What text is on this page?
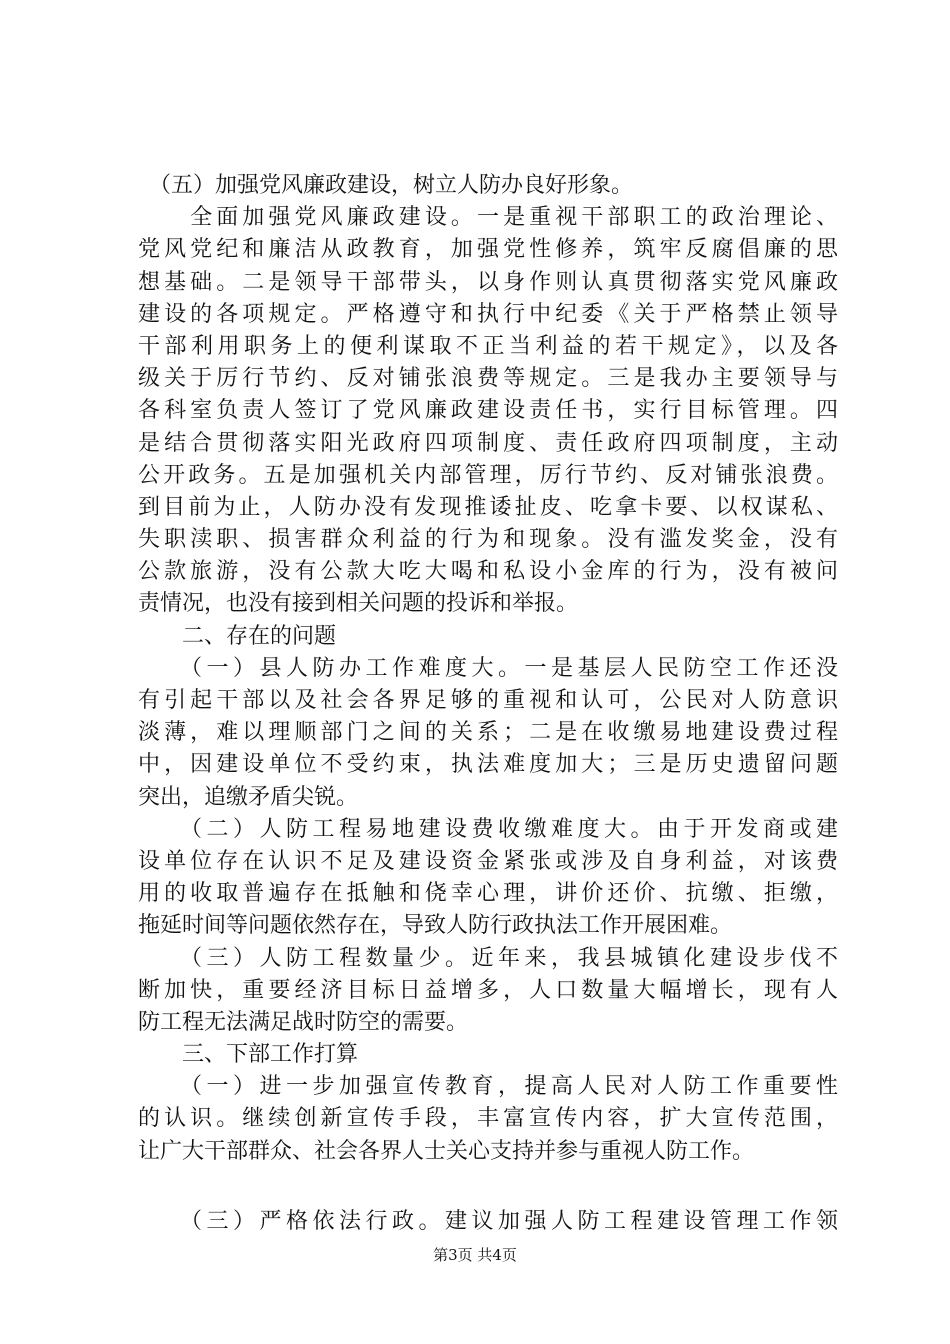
　（五）加强党风廉政建设，树立人防办良好形象。
　　全面加强党风廉政建设。一是重视干部职工的政治理论、
党风党纪和廉洁从政教育，加强党性修养，筑牢反腐倡廉的思
想基础。二是领导干部带头，以身作则认真贯彻落实党风廉政
建设的各项规定。严格遵守和执行中纪委《关于严格禁止领导
干部利用职务上的便利谋取不正当利益的若干规定》，以及各
级关于厉行节约、反对铺张浪费等规定。三是我办主要领导与
各科室负责人签订了党风廉政建设责任书，实行目标管理。四
是结合贯彻落实阳光政府四项制度、责任政府四项制度，主动
公开政务。五是加强机关内部管理，厉行节约、反对铺张浪费。
到目前为止，人防办没有发现推诿扯皮、吃拿卡要、以权谋私、
失职渎职、损害群众利益的行为和现象。没有滥发奖金，没有
公款旅游，没有公款大吃大喝和私设小金库的行为，没有被问
责情况，也没有接到相关问题的投诉和举报。
　　二、存在的问题
　　（一）县人防办工作难度大。一是基层人民防空工作还没
有引起干部以及社会各界足够的重视和认可，公民对人防意识
淡薄，难以理顺部门之间的关系；二是在收缴易地建设费过程
中，因建设单位不受约束，执法难度加大；三是历史遗留问题
突出，追缴矛盾尖锐。
　　（二）人防工程易地建设费收缴难度大。由于开发商或建
设单位存在认识不足及建设资金紧张或涉及自身利益，对该费
用的收取普遍存在抵触和侥幸心理，讲价还价、抗缴、拒缴，
拖延时间等问题依然存在，导致人防行政执法工作开展困难。
　　（三）人防工程数量少。近年来，我县城镇化建设步伐不
断加快，重要经济目标日益增多，人口数量大幅增长，现有人
防工程无法满足战时防空的需要。
　　三、下部工作打算
　　（一）进一步加强宣传教育，提高人民对人防工作重要性
的认识。继续创新宣传手段，丰富宣传内容，扩大宣传范围，
让广大干部群众、社会各界人士关心支持并参与重视人防工作。
　　（三）严格依法行政。建议加强人防工程建设管理工作领
第3页 共4页
